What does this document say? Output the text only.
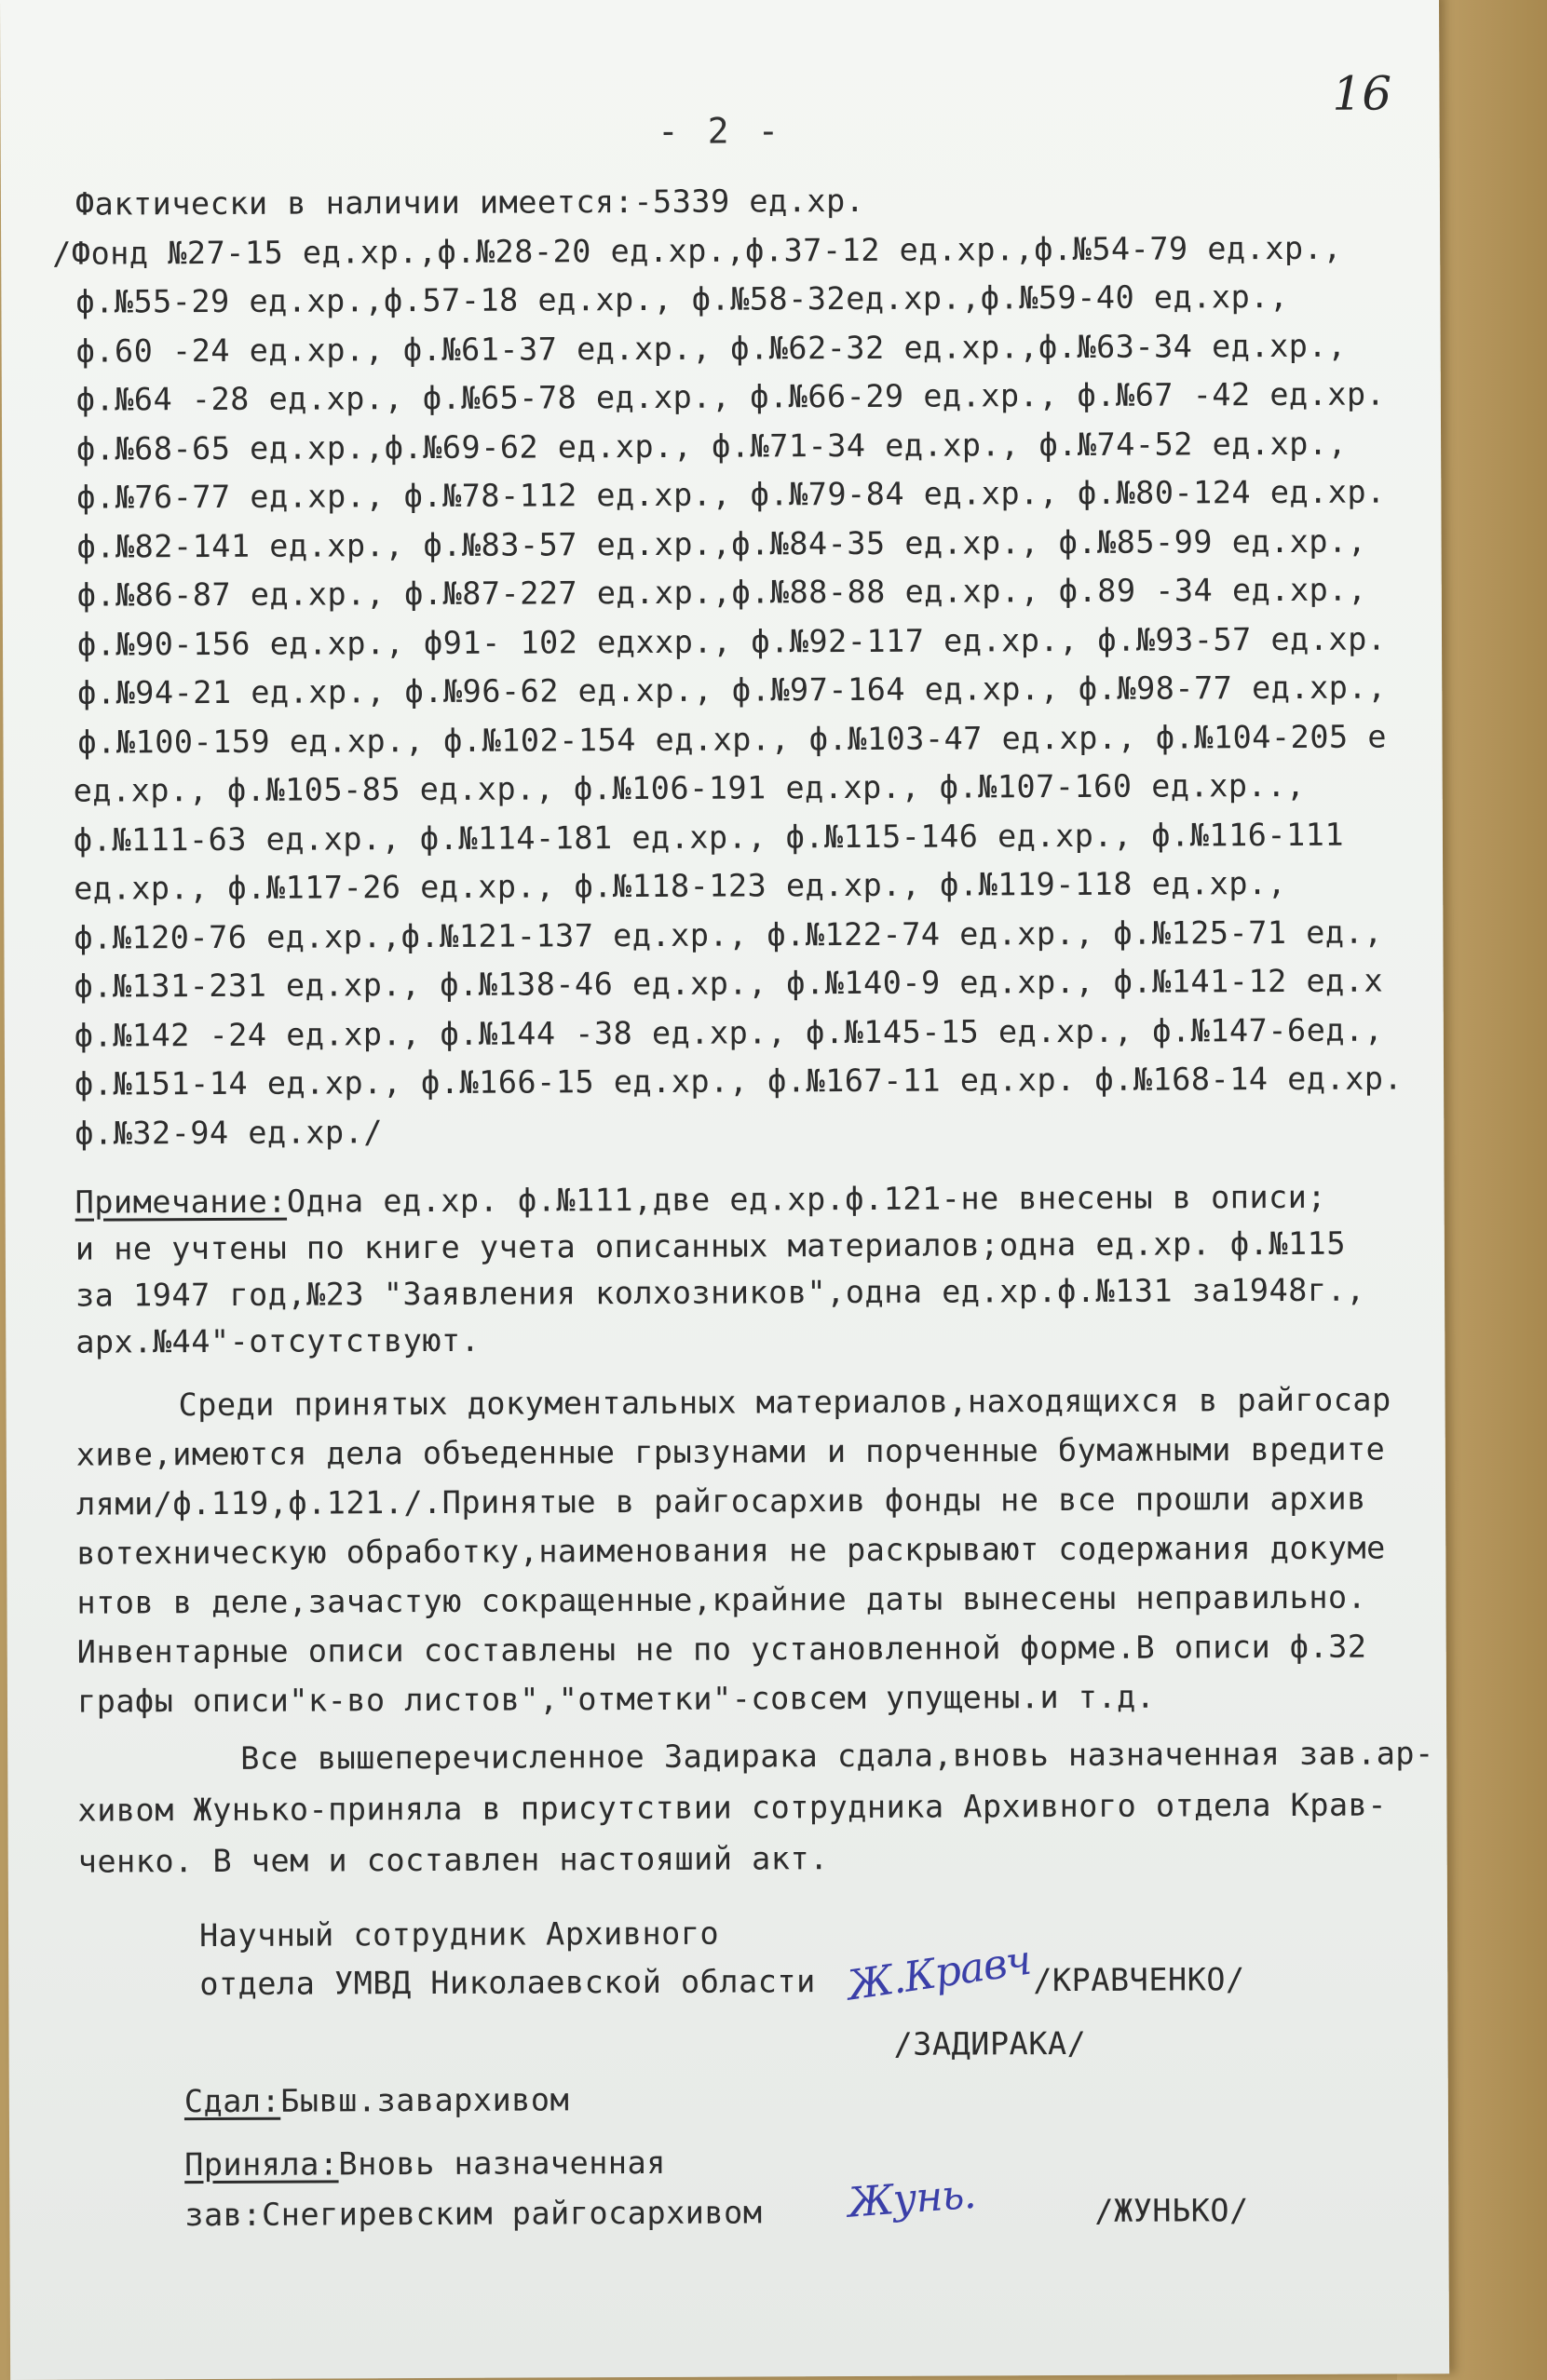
16
- 2 -
Фактически в наличии имеется:-5339 ед.хр.
/Фонд №27-15 ед.хр.,ф.№28-20 ед.хр.,ф.37-12 ед.хр.,ф.№54-79 ед.хр.,
ф.№55-29 ед.хр.,ф.57-18 ед.хр., ф.№58-32ед.хр.,ф.№59-40 ед.хр.,
ф.60 -24 ед.хр., ф.№61-37 ед.хр., ф.№62-32 ед.хр.,ф.№63-34 ед.хр.,
ф.№64 -28 ед.хр., ф.№65-78 ед.хр., ф.№66-29 ед.хр., ф.№67 -42 ед.хр.
ф.№68-65 ед.хр.,ф.№69-62 ед.хр., ф.№71-34 ед.хр., ф.№74-52 ед.хр.,
ф.№76-77 ед.хр., ф.№78-112 ед.хр., ф.№79-84 ед.хр., ф.№80-124 ед.хр.
ф.№82-141 ед.хр., ф.№83-57 ед.хр.,ф.№84-35 ед.хр., ф.№85-99 ед.хр.,
ф.№86-87 ед.хр., ф.№87-227 ед.хр.,ф.№88-88 ед.хр., ф.89 -34 ед.хр.,
ф.№90-156 ед.хр., ф91- 102 едххр., ф.№92-117 ед.хр., ф.№93-57 ед.хр.
ф.№94-21 ед.хр., ф.№96-62 ед.хр., ф.№97-164 ед.хр., ф.№98-77 ед.хр.,
ф.№100-159 ед.хр., ф.№102-154 ед.хр., ф.№103-47 ед.хр., ф.№104-205 е
ед.хр., ф.№105-85 ед.хр., ф.№106-191 ед.хр., ф.№107-160 ед.хр..,
ф.№111-63 ед.хр., ф.№114-181 ед.хр., ф.№115-146 ед.хр., ф.№116-111
ед.хр., ф.№117-26 ед.хр., ф.№118-123 ед.хр., ф.№119-118 ед.хр.,
ф.№120-76 ед.хр.,ф.№121-137 ед.хр., ф.№122-74 ед.хр., ф.№125-71 ед.,
ф.№131-231 ед.хр., ф.№138-46 ед.хр., ф.№140-9 ед.хр., ф.№141-12 ед.х
ф.№142 -24 ед.хр., ф.№144 -38 ед.хр., ф.№145-15 ед.хр., ф.№147-6ед.,
ф.№151-14 ед.хр., ф.№166-15 ед.хр., ф.№167-11 ед.хр. ф.№168-14 ед.хр.
ф.№32-94 ед.хр./
Примечание:Одна ед.хр. ф.№111,две ед.хр.ф.121-не внесены в описи;
и не учтены по книге учета описанных материалов;одна ед.хр. ф.№115
за 1947 год,№23 "Заявления колхозников",одна ед.хр.ф.№131 за1948г.,
арх.№44"-отсутствуют.
Среди принятых документальных материалов,находящихся в райгосар
хиве,имеются дела объеденные грызунами и порченные бумажными вредите
лями/ф.119,ф.121./.Принятые в райгосархив фонды не все прошли архив
вотехническую обработку,наименования не раскрывают содержания докуме
нтов в деле,зачастую сокращенные,крайние даты вынесены неправильно.
Инвентарные описи составлены не по установленной форме.В описи ф.32
графы описи"к-во листов","отметки"-совсем упущены.и т.д.
Все вышеперечисленное Задирака сдала,вновь назначенная зав.ар-
хивом Жунько-приняла в присутствии сотрудника Архивного отдела Крав-
ченко. В чем и составлен настояший акт.
Научный сотрудник Архивного
отдела УМВД Николаевской области Ж.Кравч /КРАВЧЕНКО/
/ЗАДИРАКА/
Сдал:Бывш.заварxивом
Приняла:Вновь назначенная
зав:Снегиревским райгосархивом Жунь.	/ЖУНЬКО/
